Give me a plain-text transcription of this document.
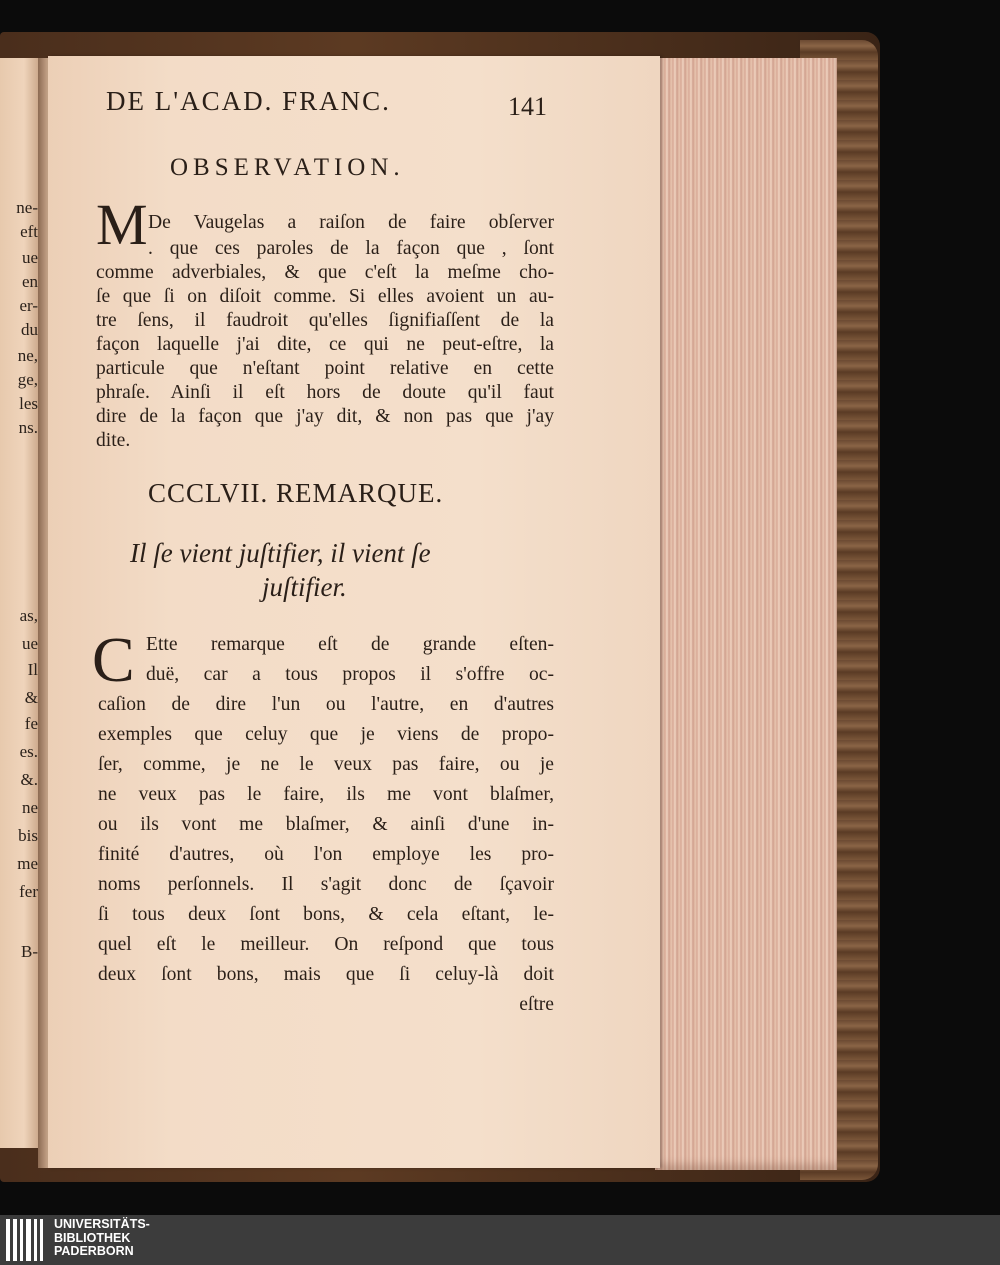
ne-
eft
ue
en
er-
du
ne,
ge,
les
ns.
as,
ue
Il
&
fe
es.
&.
ne
bis
me
fer
B-
DE L'ACAD. FRANC.	141
OBSERVATION.
M De Vaugelas a raiſon de faire obſerver
. que ces paroles de la façon que , ſont
comme adverbiales, & que c'eſt la meſme cho-
ſe que ſi on diſoit comme. Si elles avoient un au-
tre ſens, il faudroit qu'elles ſignifiaſſent de la
façon laquelle j'ai dite, ce qui ne peut-eſtre, la
particule que n'eſtant point relative en cette
phraſe. Ainſi il eſt hors de doute qu'il faut
dire de la façon que j'ay dit, & non pas que j'ay
dite.
CCCLVII. REMARQUE.
Il ſe vient juſtifier, il vient ſe
juſtifier.
C Ette remarque eſt de grande eſten-
duë, car a tous propos il s'offre oc-
caſion de dire l'un ou l'autre, en d'autres
exemples que celuy que je viens de propo-
ſer, comme, je ne le veux pas faire, ou je
ne veux pas le faire, ils me vont blaſmer,
ou ils vont me blaſmer, & ainſi d'une in-
finité d'autres, où l'on employe les pro-
noms perſonnels. Il s'agit donc de ſçavoir
ſi tous deux ſont bons, & cela eſtant, le-
quel eſt le meilleur. On reſpond que tous
deux ſont bons, mais que ſi celuy-là doit
eſtre
UNIVERSITÄTS-
BIBLIOTHEK
PADERBORN
